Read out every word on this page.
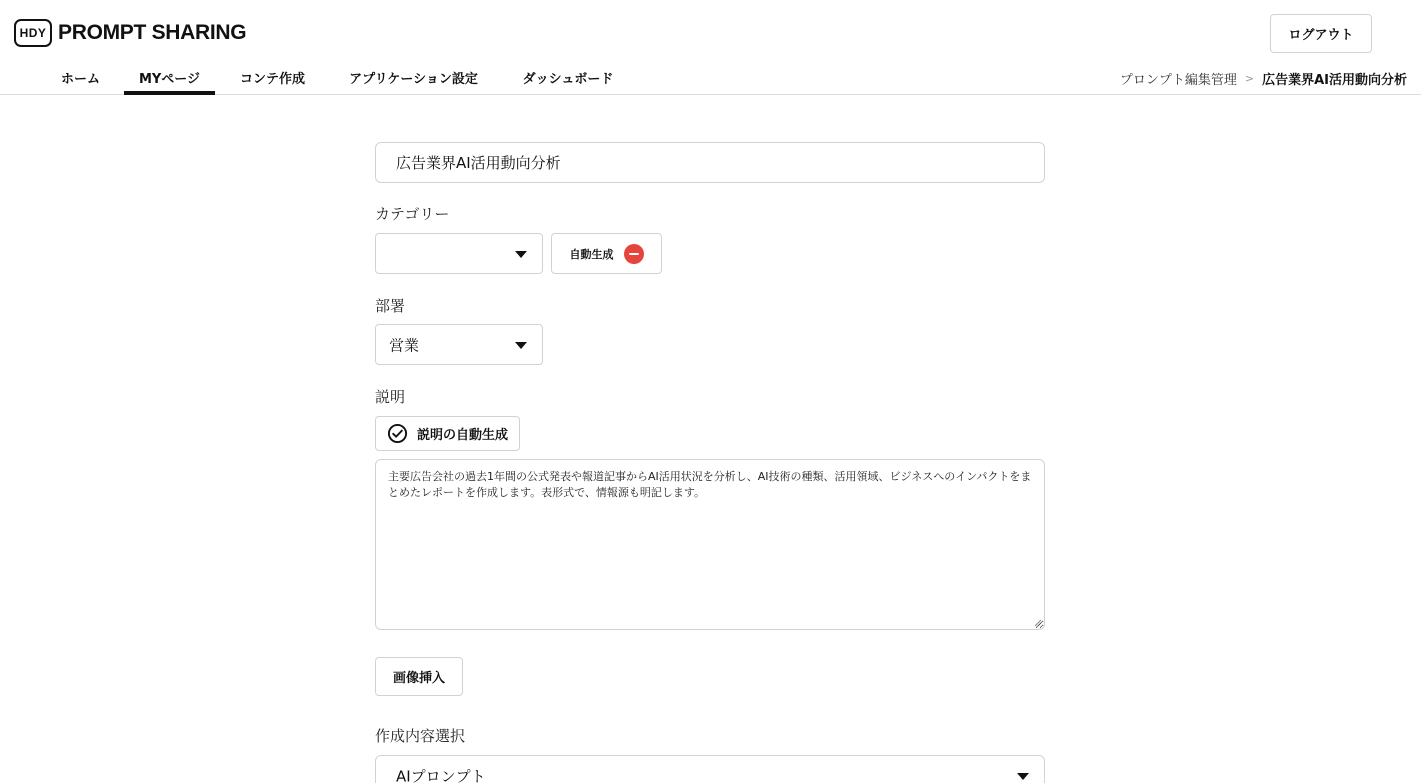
HDY PROMPT SHARING	ログアウト
ホーム	MYページ	コンテ作成	アプリケーション設定	ダッシュボード	プロンプト編集管理 > 広告業界AI活用動向分析
広告業界AI活用動向分析
カテゴリー
自動生成
部署
営業
説明
説明の自動生成
主要広告会社の過去1年間の公式発表や報道記事からAI活用状況を分析し、AI技術の種類、活用領域、ビジネスへのインパクトをまとめたレポートを作成します。表形式で、情報源も明記します。
画像挿入
作成内容選択
AIプロンプト
